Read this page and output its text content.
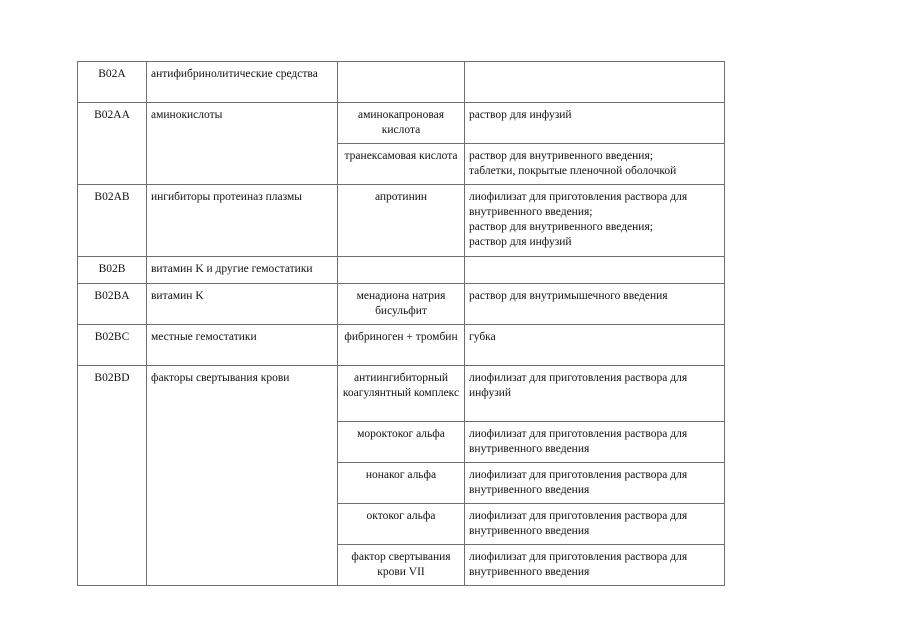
B02A	антифибринолитические средства		
B02AA	аминокислоты	аминокапроновая кислота	раствор для инфузий
		транексамовая кислота	раствор для внутривенного введения;
таблетки, покрытые пленочной оболочкой
B02AB	ингибиторы протеиназ плазмы	апротинин	лиофилизат для приготовления раствора для внутривенного введения;
раствор для внутривенного введения;
раствор для инфузий
B02B	витамин K и другие гемостатики		
B02BA	витамин K	менадиона натрия бисульфит	раствор для внутримышечного введения
B02BC	местные гемостатики	фибриноген + тромбин	губка
B02BD	факторы свертывания крови	антиингибиторный коагулянтный комплекс	лиофилизат для приготовления раствора для инфузий
		мороктоког альфа	лиофилизат для приготовления раствора для внутривенного введения
		нонаког альфа	лиофилизат для приготовления раствора для внутривенного введения
		октоког альфа	лиофилизат для приготовления раствора для внутривенного введения
		фактор свертывания крови VII	лиофилизат для приготовления раствора для внутривенного введения
